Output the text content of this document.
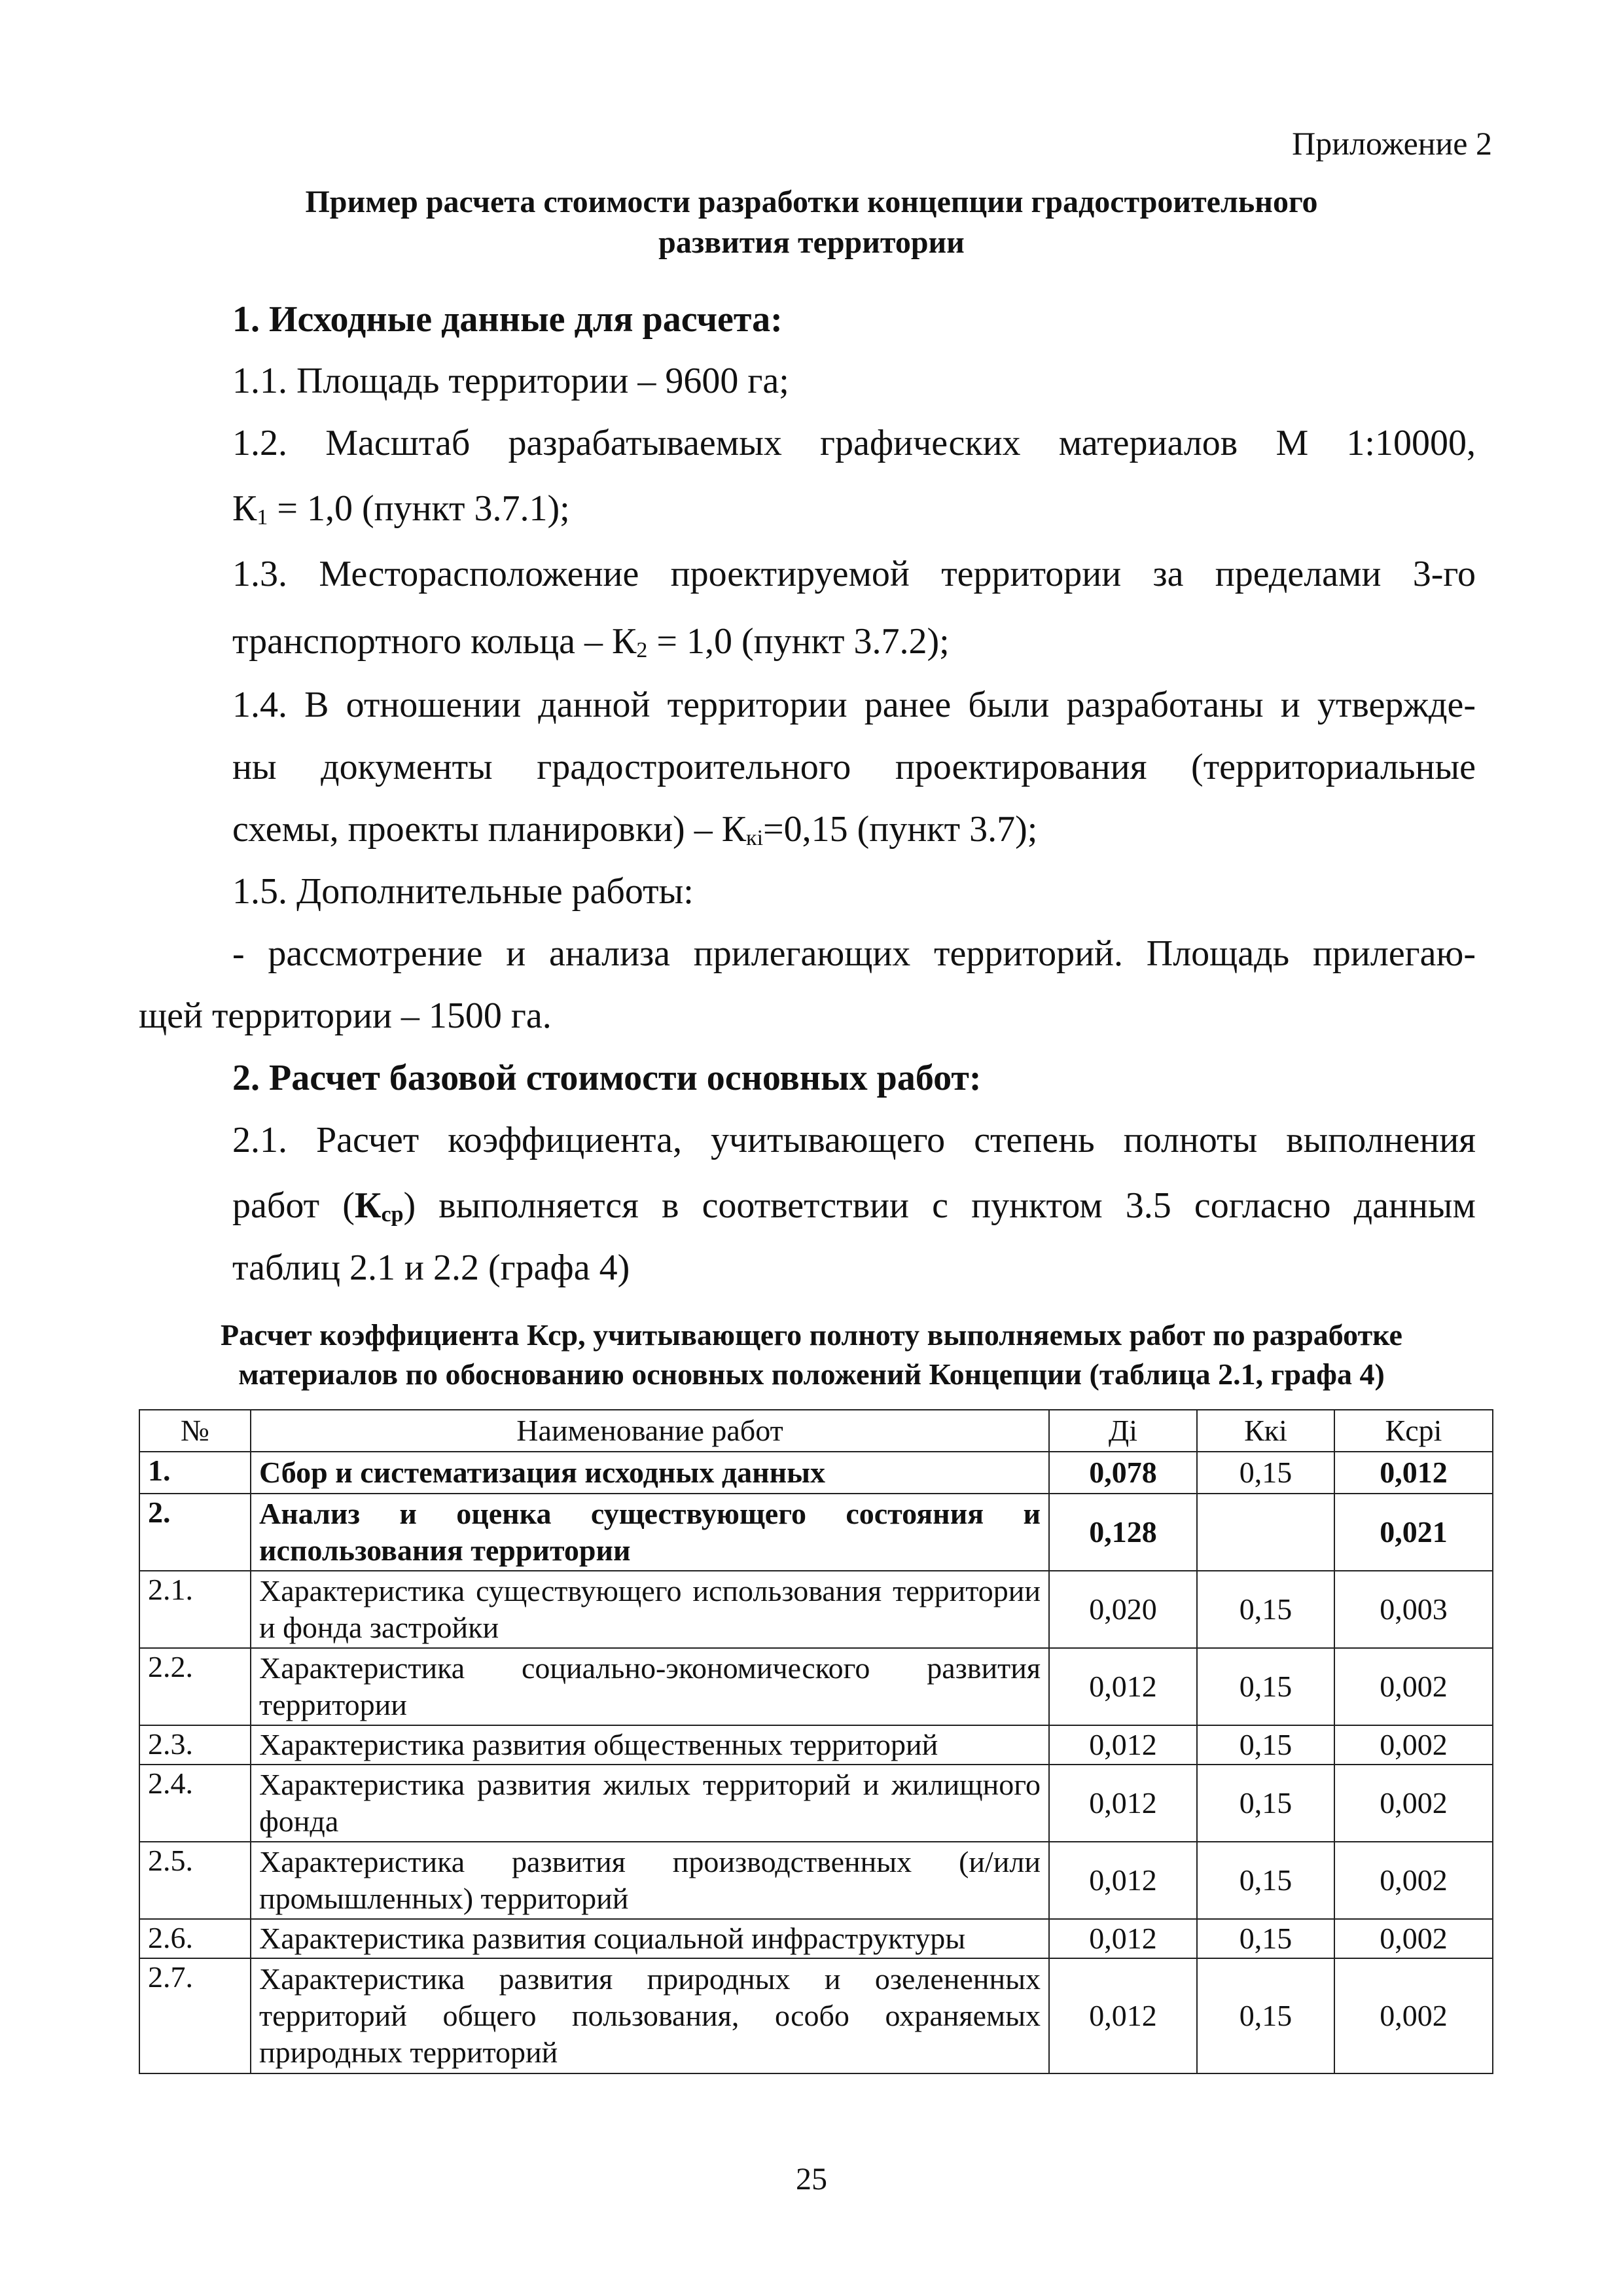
Приложение 2
Пример расчета стоимости разработки концепции градостроительного
развития территории
1. Исходные данные для расчета:
1.1. Площадь территории – 9600 га;
1.2. Масштаб разрабатываемых графических материалов М 1:10000,
К1 = 1,0 (пункт 3.7.1);
1.3. Месторасположение проектируемой территории за пределами 3-го
транспортного кольца – К2 = 1,0 (пункт 3.7.2);
1.4. В отношении данной территории ранее были разработаны и утвержде-
ны документы градостроительного проектирования (территориальные
схемы, проекты планировки) – Ккі=0,15 (пункт 3.7);
1.5. Дополнительные работы:
- рассмотрение и анализа прилегающих территорий. Площадь прилегаю-
щей территории – 1500 га.
2. Расчет базовой стоимости основных работ:
2.1. Расчет коэффициента, учитывающего степень полноты выполнения
работ (Кср) выполняется в соответствии с пунктом 3.5 согласно данным
таблиц 2.1 и 2.2 (графа 4)
Расчет коэффициента Кср, учитывающего полноту выполняемых работ по разработке
материалов по обоснованию основных положений Концепции (таблица 2.1, графа 4)
№	Наименование работ	Дi	Ккi	Кcрi
1.	Сбор и систематизация исходных данных	0,078	0,15	0,012
2.	Анализ и оценка существующего состояния и использования территории	0,128		0,021
2.1.	Характеристика существующего использования территории и фонда застройки	0,020	0,15	0,003
2.2.	Характеристика социально-экономического развития территории	0,012	0,15	0,002
2.3.	Характеристика развития общественных территорий	0,012	0,15	0,002
2.4.	Характеристика развития жилых территорий и жилищного фонда	0,012	0,15	0,002
2.5.	Характеристика развития производственных (и/или промышленных) территорий	0,012	0,15	0,002
2.6.	Характеристика развития социальной инфраструктуры	0,012	0,15	0,002
2.7.	Характеристика развития природных и озелененных территорий общего пользования, особо охраняемых природных территорий	0,012	0,15	0,002
25
